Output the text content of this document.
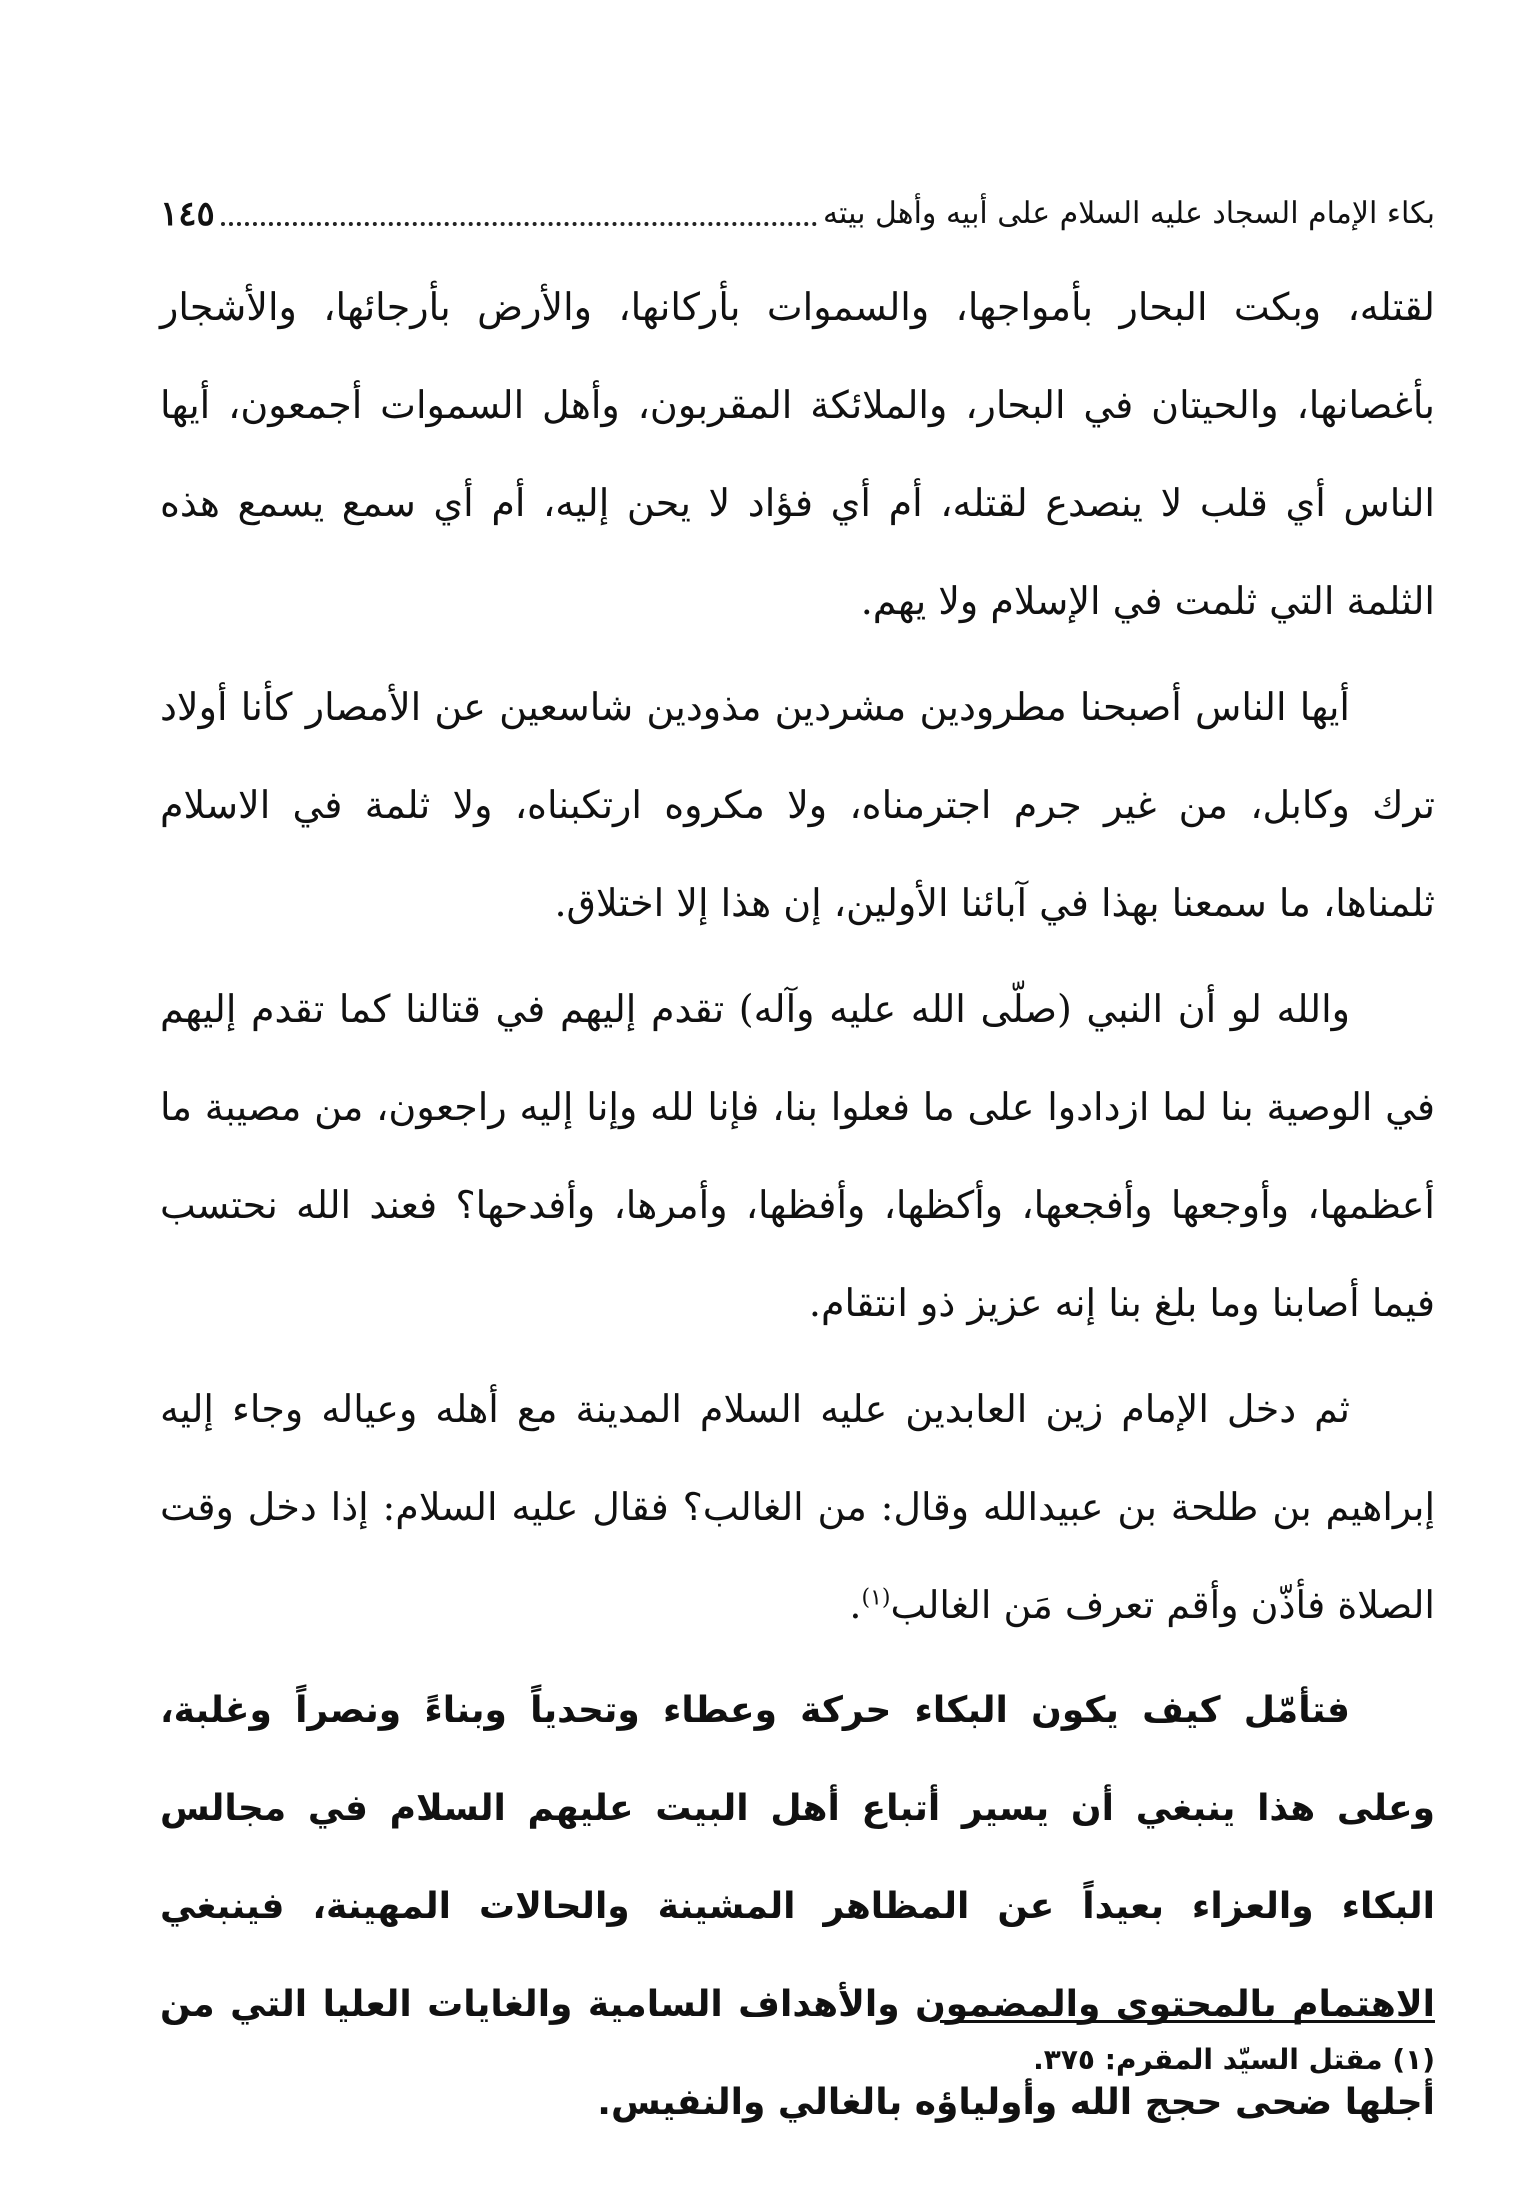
بكاء الإمام السجاد عليه السلام على أبيه وأهل بيته
١٤٥

لقتله، وبكت البحار بأمواجها، والسموات بأركانها، والأرض بأرجائها، والأشجار بأغصانها، والحيتان في البحار، والملائكة المقربون، وأهل السموات أجمعون، أيها الناس أي قلب لا ينصدع لقتله، أم أي فؤاد لا يحن إليه، أم أي سمع يسمع هذه الثلمة التي ثلمت في الإسلام ولا يهم.

أيها الناس أصبحنا مطرودين مشردين مذودين شاسعين عن الأمصار كأنا أولاد ترك وكابل، من غير جرم اجترمناه، ولا مكروه ارتكبناه، ولا ثلمة في الاسلام ثلمناها، ما سمعنا بهذا في آبائنا الأولين، إن هذا إلا اختلاق.

والله لو أن النبي (صلّى الله عليه وآله) تقدم إليهم في قتالنا كما تقدم إليهم في الوصية بنا لما ازدادوا على ما فعلوا بنا، فإنا لله وإنا إليه راجعون، من مصيبة ما أعظمها، وأوجعها وأفجعها، وأكظها، وأفظها، وأمرها، وأفدحها؟ فعند الله نحتسب فيما أصابنا وما بلغ بنا إنه عزيز ذو انتقام.

ثم دخل الإمام زين العابدين عليه السلام المدينة مع أهله وعياله وجاء إليه إبراهيم بن طلحة بن عبيدالله وقال: من الغالب؟ فقال عليه السلام: إذا دخل وقت الصلاة فأذّن وأقم تعرف مَن الغالب$^{(١)}$.

فتأمّل كيف يكون البكاء حركة وعطاء وتحدياً وبناءً ونصراً وغلبة، وعلى هذا ينبغي أن يسير أتباع أهل البيت عليهم السلام في مجالس البكاء والعزاء بعيداً عن المظاهر المشينة والحالات المهينة، فينبغي الاهتمام بالمحتوى والمضمون والأهداف السامية والغايات العليا التي من أجلها ضحى حجج الله وأولياؤه بالغالي والنفيس.

(١) مقتل السيّد المقرم: ٣٧٥.
